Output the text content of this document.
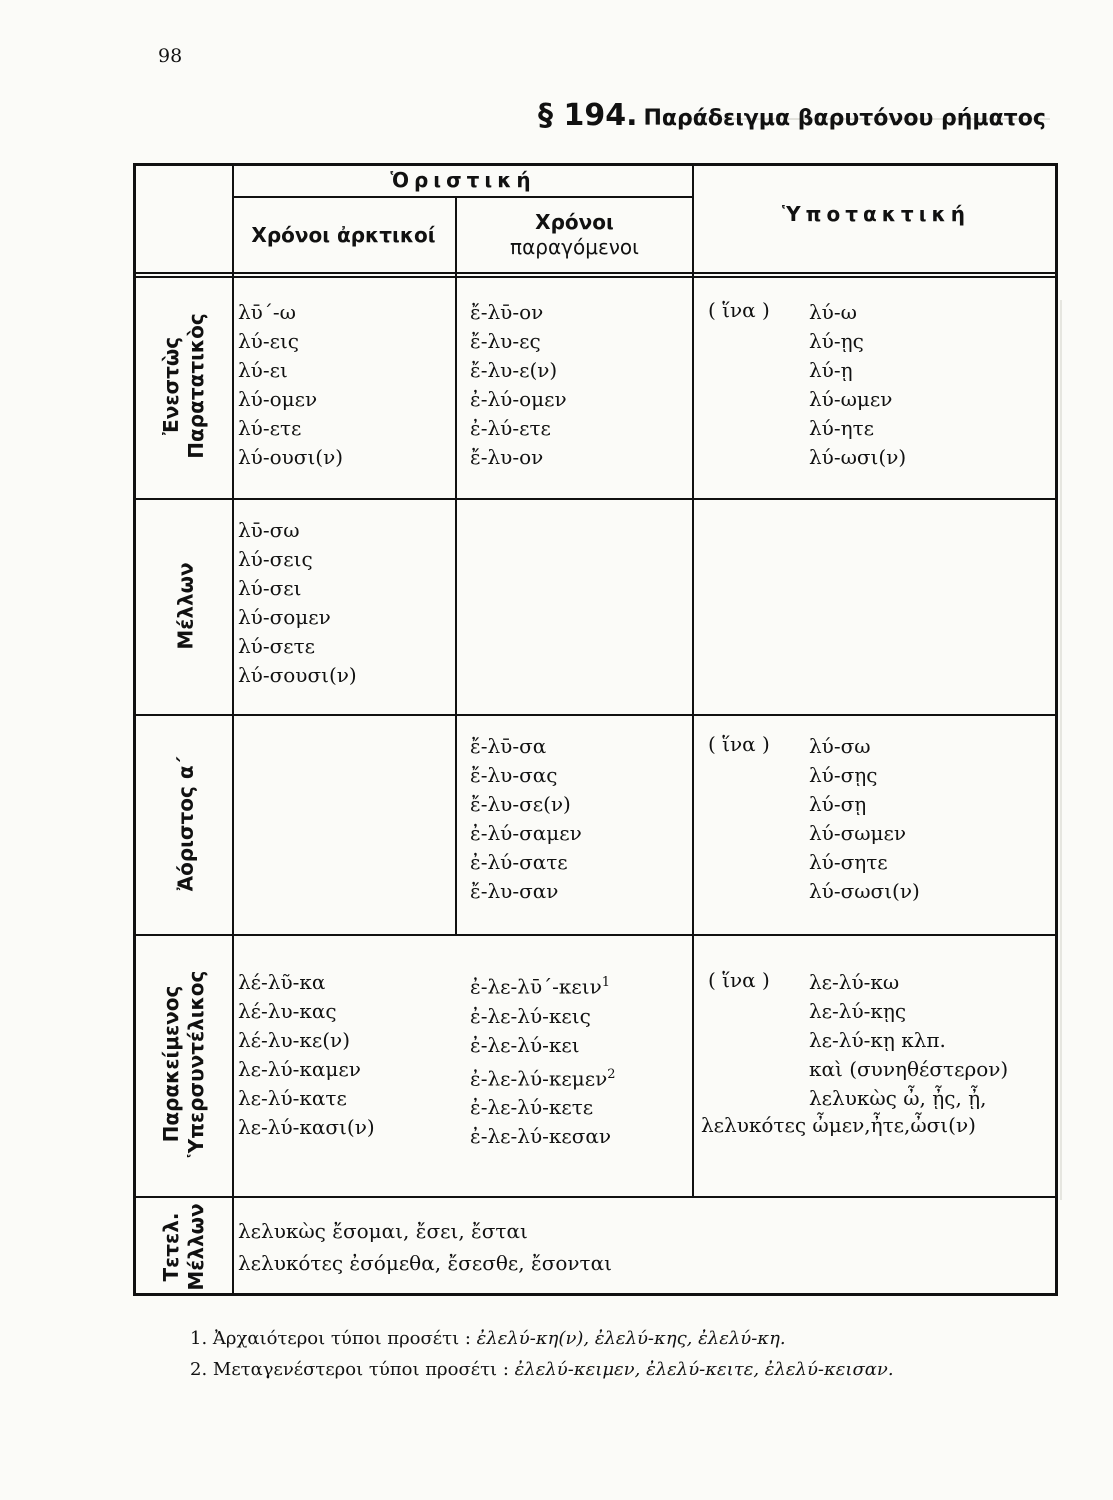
98
§ 194. Παράδειγμα βαρυτόνου ρήματος
Ὁριστική
Χρόνοι ἀρκτικοί
Χρόνοι
παραγόμενοι
Ὑποτακτική
Ἐνεστὼς Παρατατικὸς
λῡ΄-ω
λύ-εις
λύ-ει
λύ-ομεν
λύ-ετε
λύ-ουσι(ν)
ἔ-λῡ-ον
ἔ-λυ-ες
ἔ-λυ-ε(ν)
ἐ-λύ-ομεν
ἐ-λύ-ετε
ἔ-λυ-ον
( ἵνα ) λύ-ω
λύ-ῃς
λύ-ῃ
λύ-ωμεν
λύ-ητε
λύ-ωσι(ν)
Μέλλων
λῡ-σω
λύ-σεις
λύ-σει
λύ-σομεν
λύ-σετε
λύ-σουσι(ν)
Ἀόριστος α΄
ἔ-λῡ-σα
ἔ-λυ-σας
ἔ-λυ-σε(ν)
ἐ-λύ-σαμεν
ἐ-λύ-σατε
ἔ-λυ-σαν
( ἵνα ) λύ-σω
λύ-σῃς
λύ-σῃ
λύ-σωμεν
λύ-σητε
λύ-σωσι(ν)
Παρακείμενος Ὑπερσυντέλικος λέ-λῦ-κα
λέ-λυ-κας
λέ-λυ-κε(ν)
λε-λύ-καμεν
λε-λύ-κατε
λε-λύ-κασι(ν)
ἐ-λε-λῡ΄-κειν$^1$
ἐ-λε-λύ-κεις
ἐ-λε-λύ-κει
ἐ-λε-λύ-κεμεν$^2$
ἐ-λε-λύ-κετε
ἐ-λε-λύ-κεσαν
( ἵνα ) λε-λύ-κω
λε-λύ-κῃς
λε-λύ-κῃ κλπ.
καὶ (συνηθέστερον)
λελυκὼς ὦ, ᾖς, ᾖ,
λελυκότες ὦμεν,ἦτε,ὦσι(ν)
Τετελ. Μέλλων λελυκὼς ἔσομαι, ἔσει, ἔσται
λελυκότες ἐσόμεθα, ἔσεσθε, ἔσονται
1. Ἀρχαιότεροι τύποι προσέτι : ἐλελύ-κη(ν), ἐλελύ-κης, ἐλελύ-κη.
2. Μεταγενέστεροι τύποι προσέτι : ἐλελύ-κειμεν, ἐλελύ-κειτε, ἐλελύ-κεισαν.
